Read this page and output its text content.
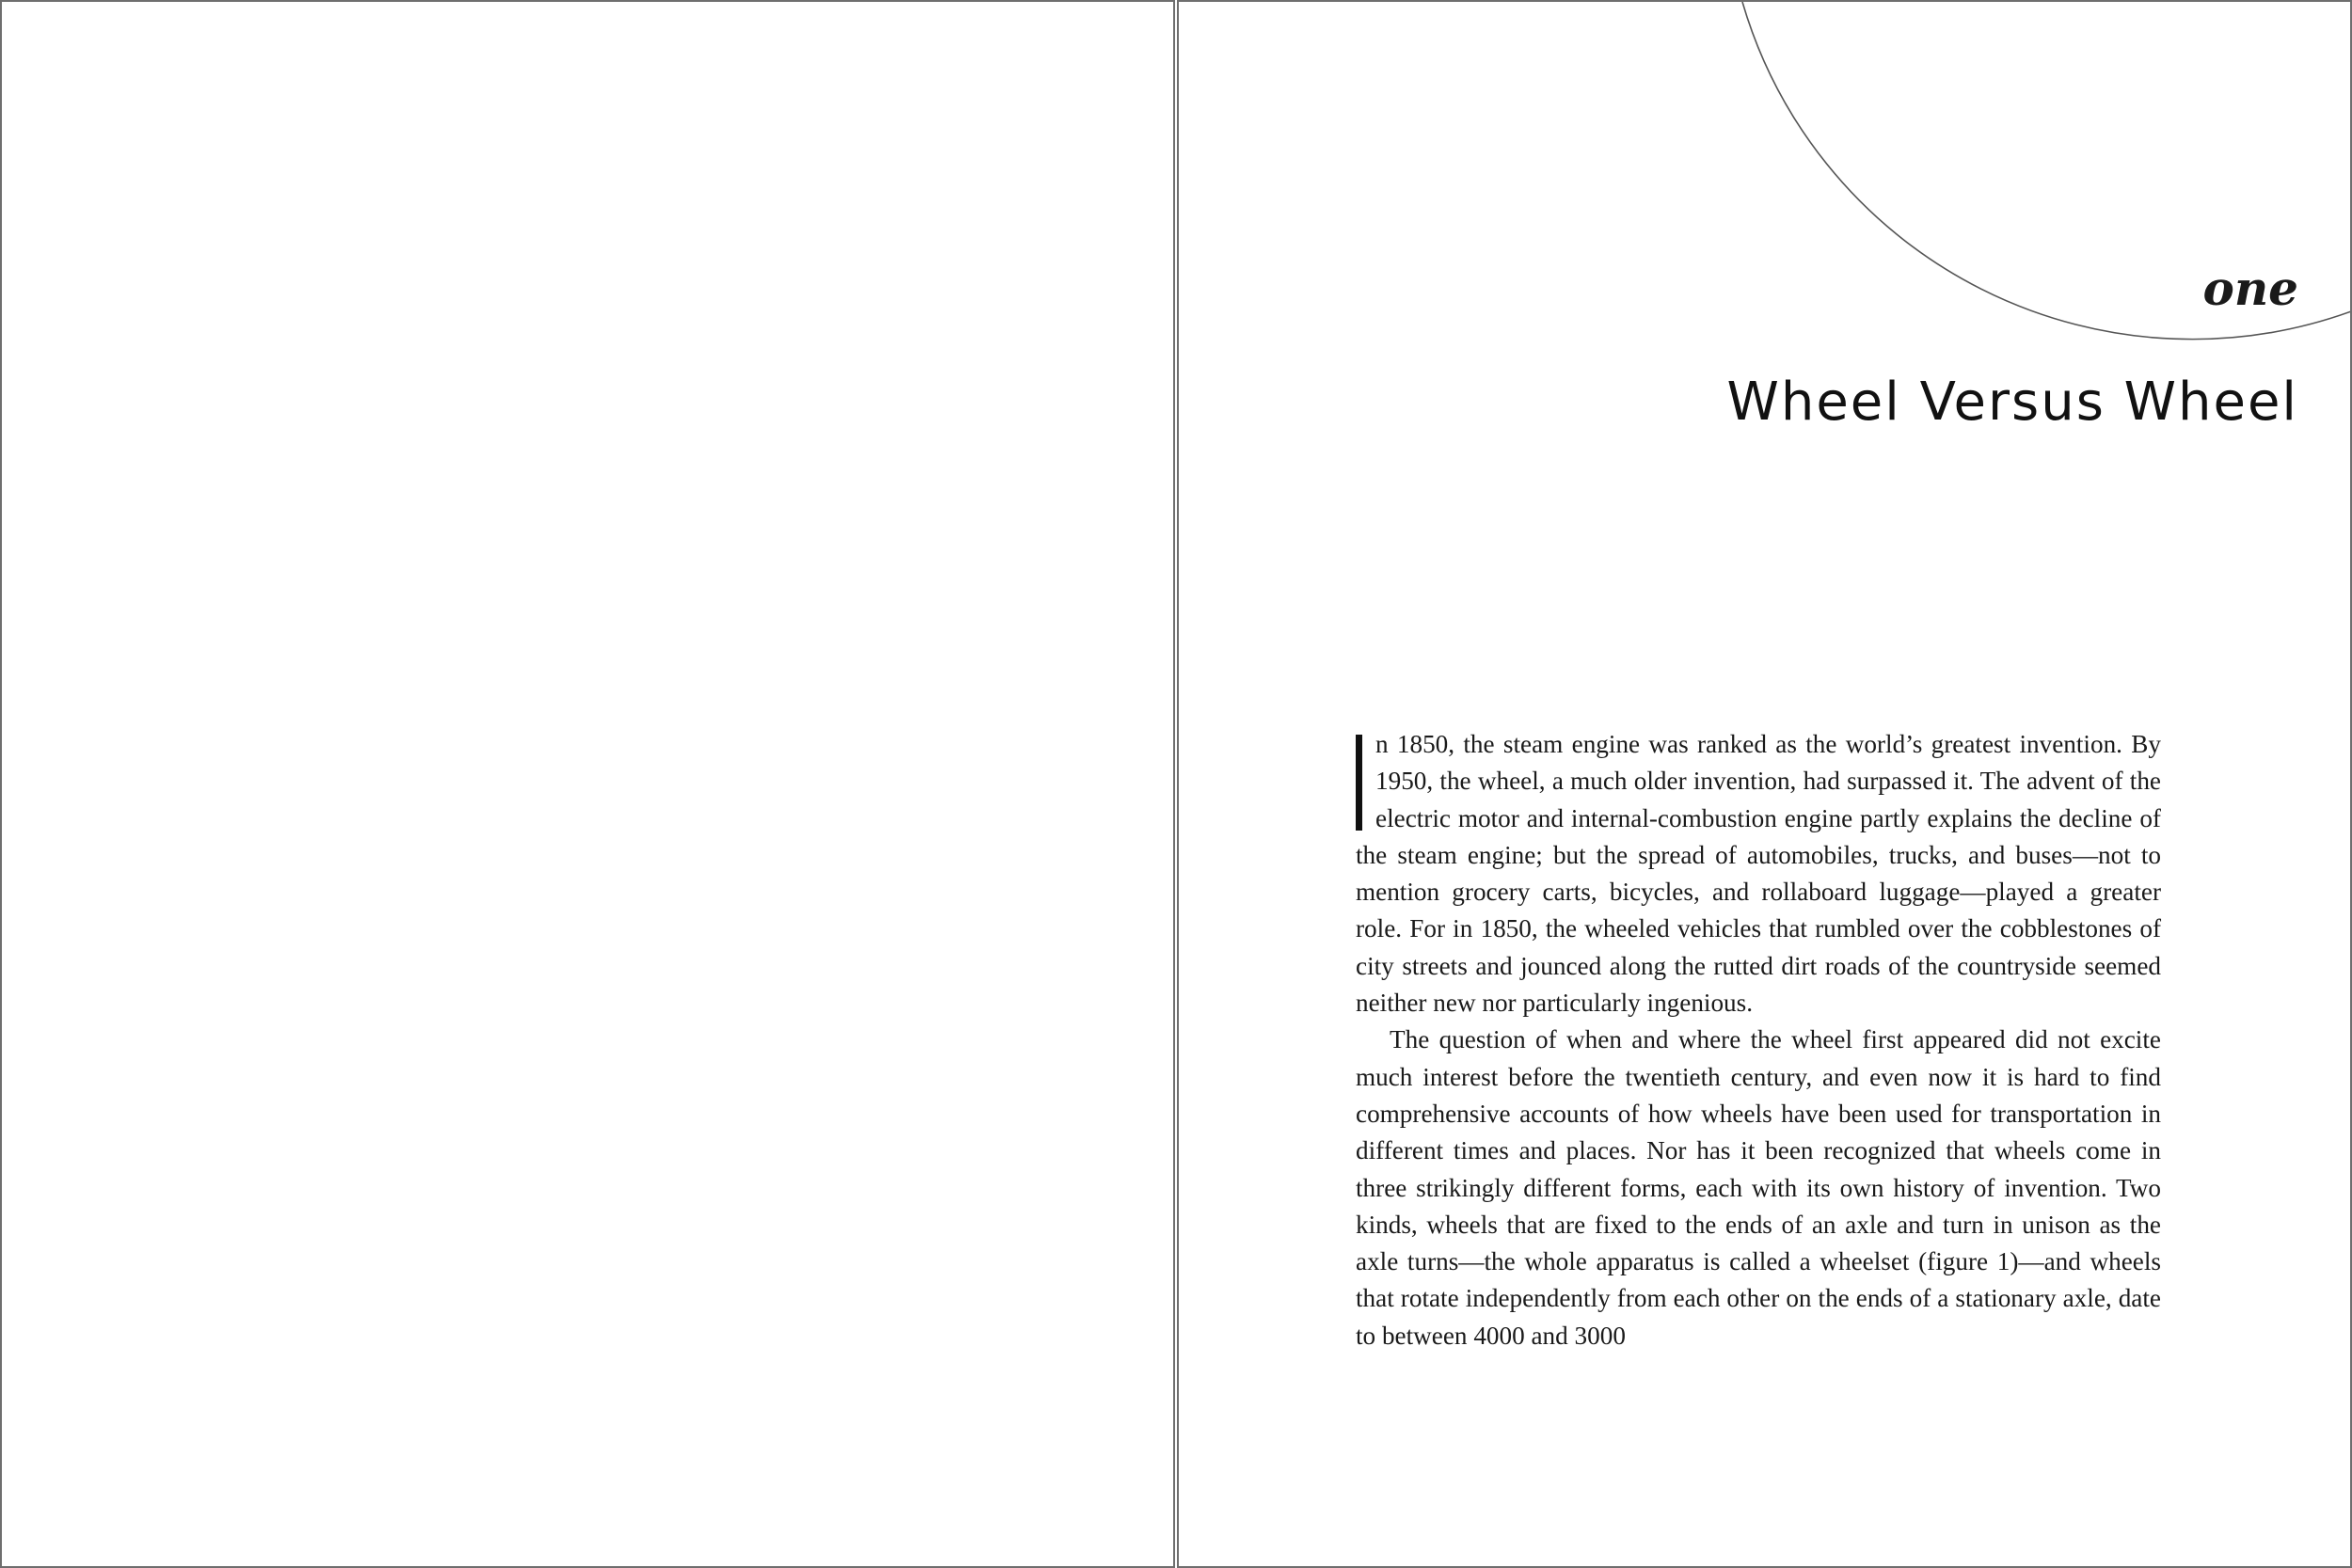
one
Wheel Versus Wheel

n 1850, the steam engine was ranked as the world’s greatest invention. By 1950, the wheel, a much older invention, had surpassed it. The advent of the electric motor and internal-combustion engine partly explains the decline of the steam engine; but the spread of automobiles, trucks, and buses—not to mention grocery carts, bicycles, and rollaboard luggage—played a greater role. For in 1850, the wheeled vehicles that rumbled over the cobblestones of city streets and jounced along the rutted dirt roads of the countryside seemed neither new nor particularly ingenious.

The question of when and where the wheel first appeared did not excite much interest before the twentieth century, and even now it is hard to find comprehensive accounts of how wheels have been used for transportation in different times and places. Nor has it been recognized that wheels come in three strikingly different forms, each with its own history of invention. Two kinds, wheels that are fixed to the ends of an axle and turn in unison as the axle turns—the whole apparatus is called a wheelset (figure 1)—and wheels that rotate independently from each other on the ends of a stationary axle, date to between 4000 and 3000
